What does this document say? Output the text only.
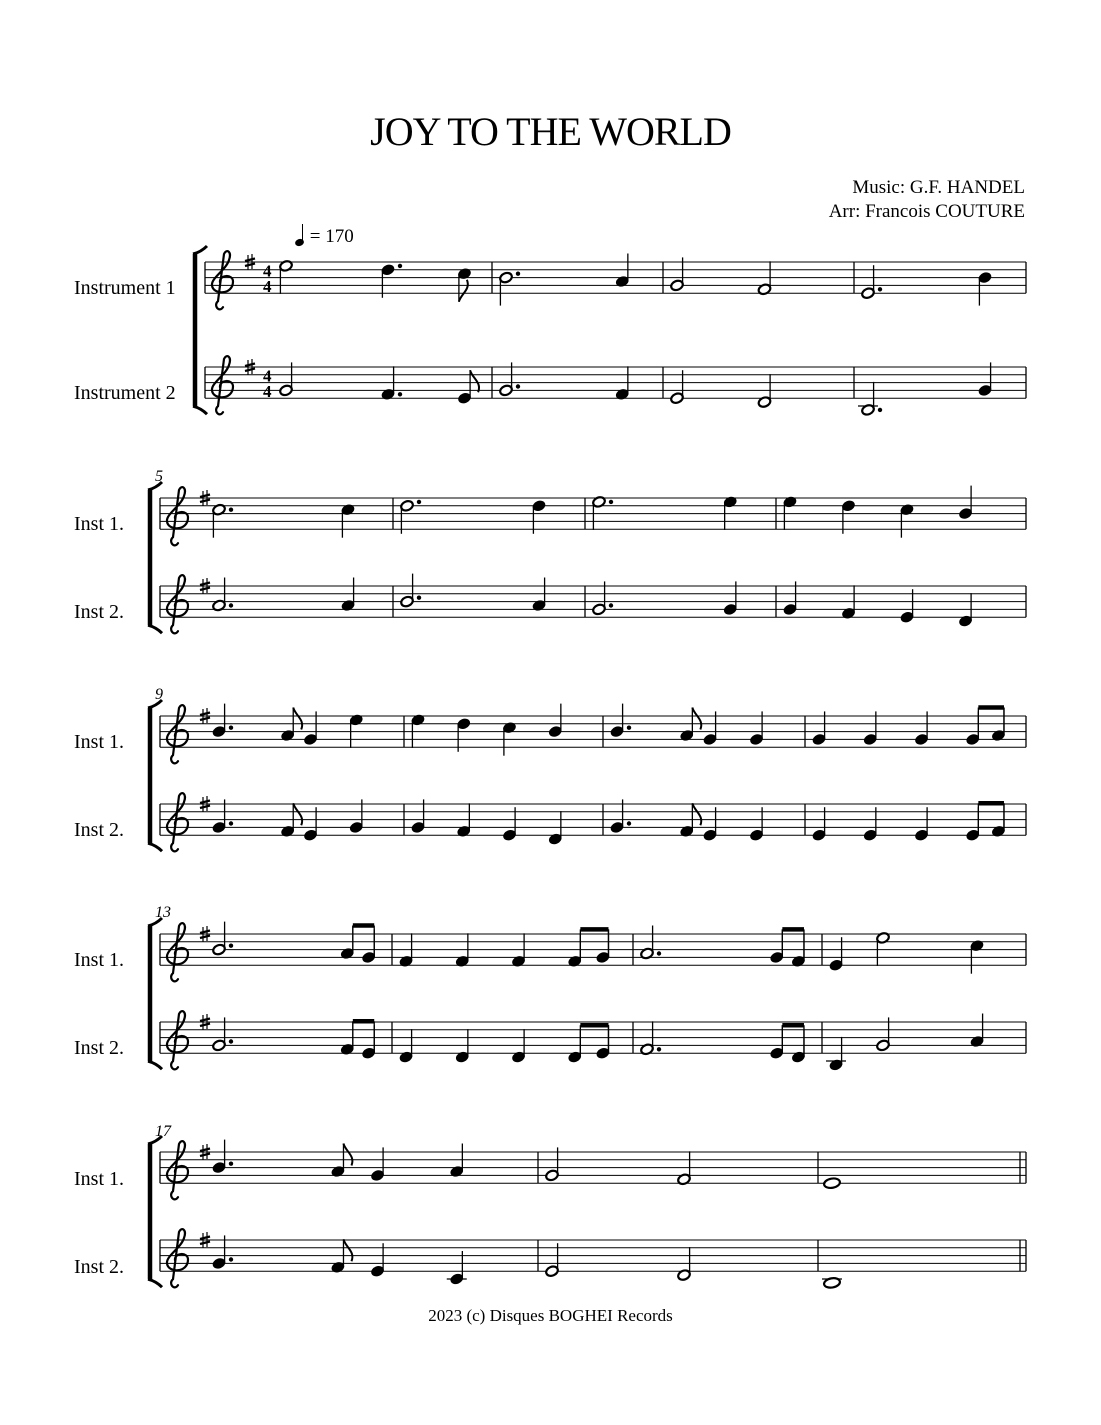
JOY TO THE WORLD
Music: G.F. HANDEL
Arr: Francois COUTURE
= 170
Instrument 1
Instrument 2
Inst 1.
Inst 2.
Inst 1.
Inst 2.
Inst 1.
Inst 2.
Inst 1.
Inst 2.
5
9
13
17
4
4
4
4
2023 (c) Disques BOGHEI Records
